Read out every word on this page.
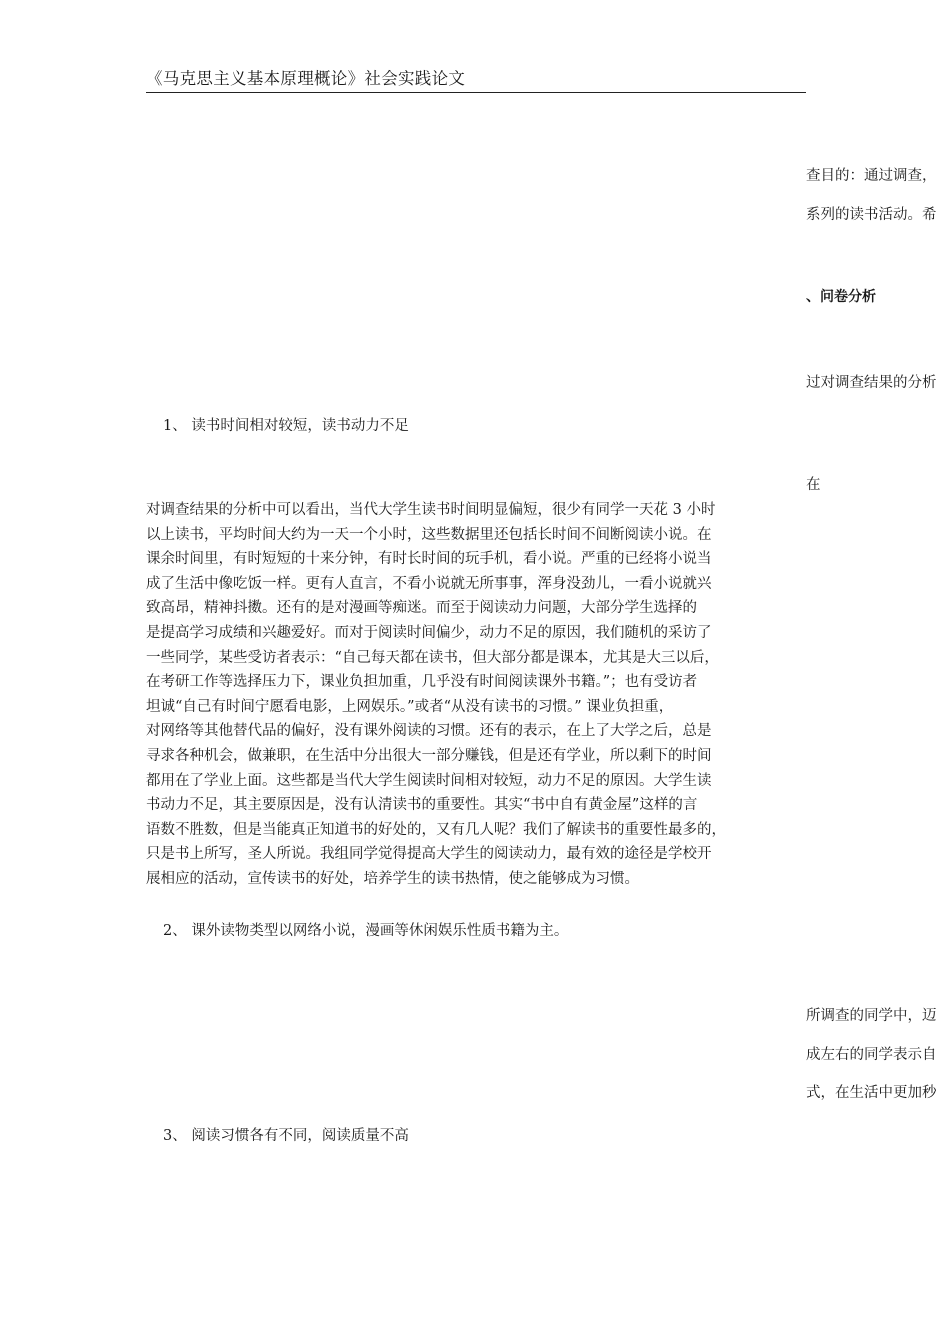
《马克思主义基本原理概论》社会实践论文
查目的：通过调查，
系列的读书活动。希
、问卷分析
过对调查结果的分析
在
所调查的同学中，迈
成左右的同学表示自
式，在生活中更加秒
1、 读书时间相对较短，读书动力不足
对调查结果的分析中可以看出，当代大学生读书时间明显偏短，很少有同学一天花 3 小时
以上读书，平均时间大约为一天一个小时，这些数据里还包括长时间不间断阅读小说。在
课余时间里，有时短短的十来分钟，有时长时间的玩手机，看小说。严重的已经将小说当
成了生活中像吃饭一样。更有人直言，不看小说就无所事事，浑身没劲儿，一看小说就兴
致高昂，精神抖擞。还有的是对漫画等痴迷。而至于阅读动力问题，大部分学生选择的
是提高学习成绩和兴趣爱好。而对于阅读时间偏少，动力不足的原因，我们随机的采访了
一些同学，某些受访者表示：“自己每天都在读书，但大部分都是课本，尤其是大三以后，
在考研工作等选择压力下，课业负担加重，几乎没有时间阅读课外书籍。”；也有受访者
坦诚“自己有时间宁愿看电影，上网娱乐。”或者“从没有读书的习惯。” 课业负担重，
对网络等其他替代品的偏好，没有课外阅读的习惯。还有的表示，在上了大学之后，总是
寻求各种机会，做兼职，在生活中分出很大一部分赚钱，但是还有学业，所以剩下的时间
都用在了学业上面。这些都是当代大学生阅读时间相对较短，动力不足的原因。大学生读
书动力不足，其主要原因是，没有认清读书的重要性。其实“书中自有黄金屋”这样的言
语数不胜数，但是当能真正知道书的好处的，又有几人呢？我们了解读书的重要性最多的，
只是书上所写，圣人所说。我组同学觉得提高大学生的阅读动力，最有效的途径是学校开
展相应的活动，宣传读书的好处，培养学生的读书热情，使之能够成为习惯。
2、 课外读物类型以网络小说，漫画等休闲娱乐性质书籍为主。
3、 阅读习惯各有不同，阅读质量不高
